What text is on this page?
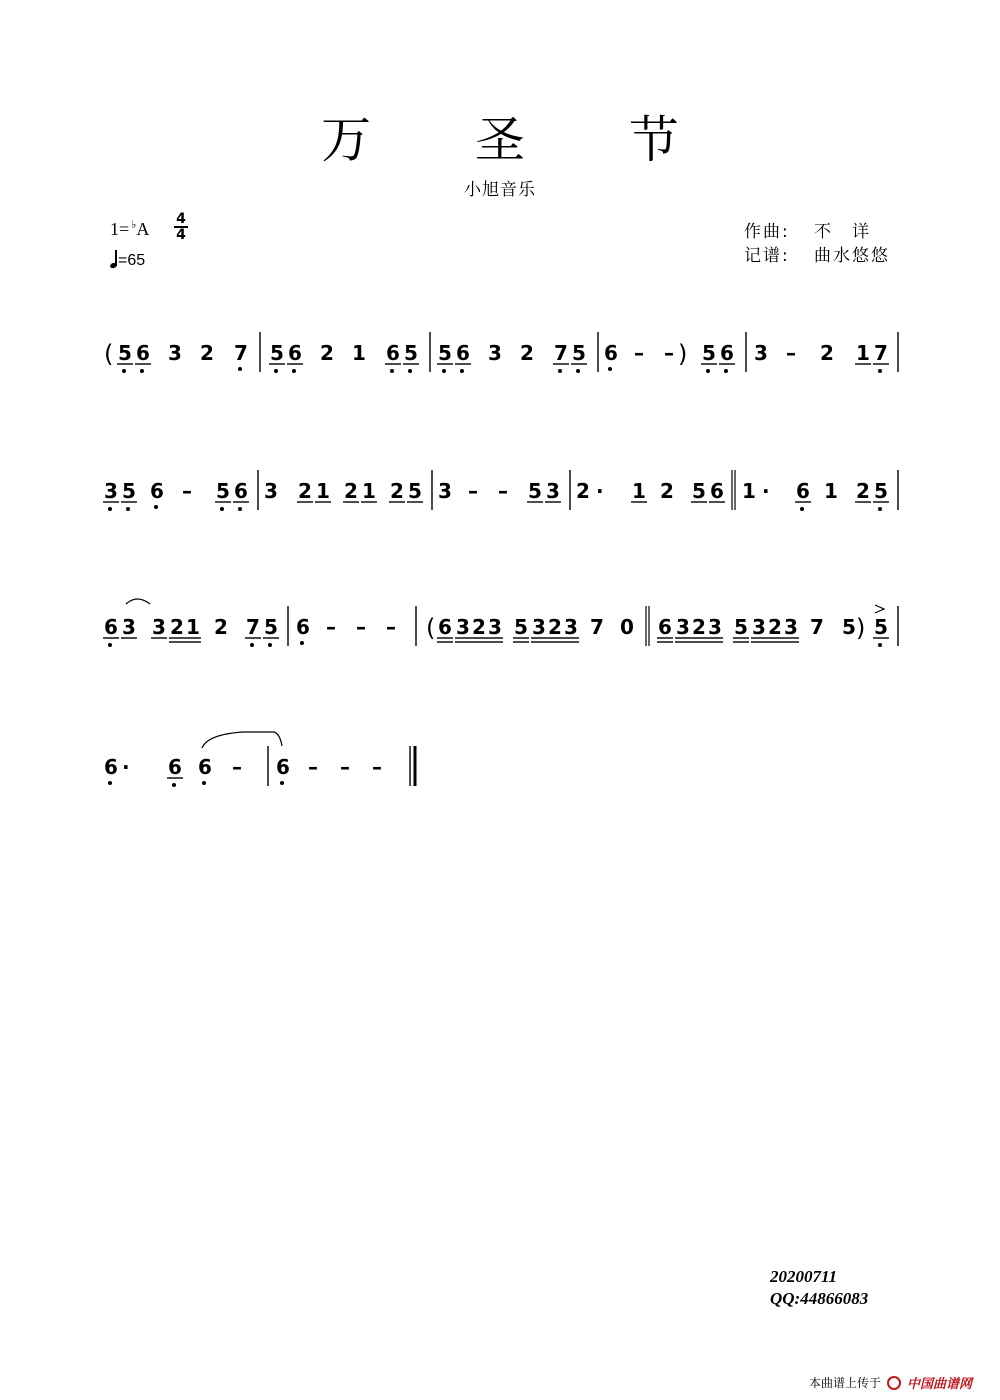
万 圣 节
小旭音乐
$1= ^♭A \frac{4}{4}$
=65
作曲:	不　详
记谱:	曲水悠悠
( 5 6 3 2 7 5 6 2 1 6 5 5 6 3 2 7 5 6 – – ) 5 6 3 – 2 1 7
3 5 6 – 5 6 3 2 1 2 1 2 5 3 – – 5 3 2 · 1 2 5 6 1 · 6 1 2 5
6 3 3 2 1 2 7 5 6 – – – ( 6 3 2 3 5 3 2 3 7 0 6 3 2 3 5 3 2 3 7 5 ) 5
6 · 6 6 – 6 – – –
20200711
QQ:44866083
本曲谱上传于 中国曲谱网
